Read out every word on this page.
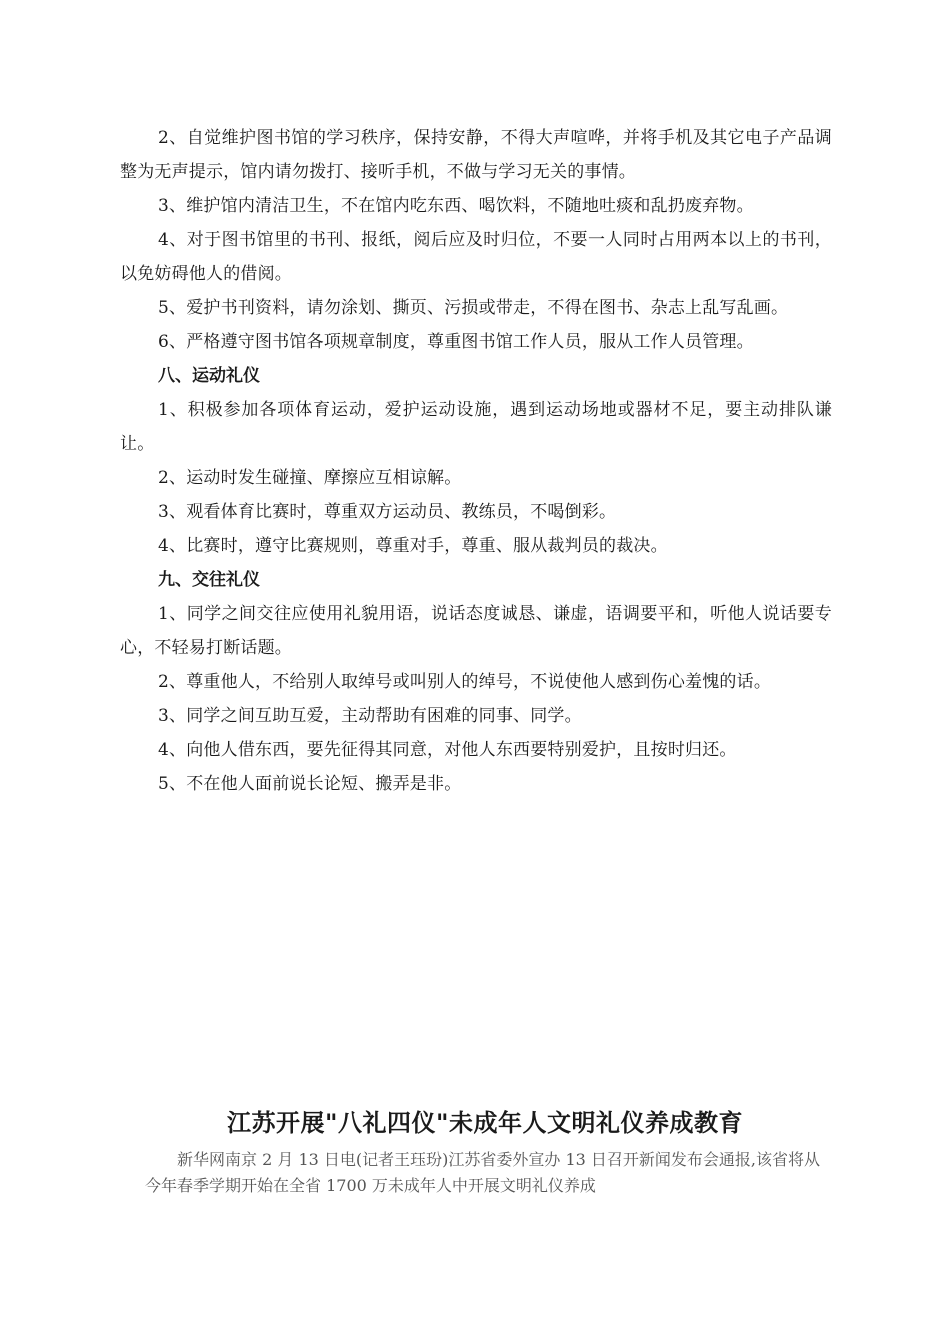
2、自觉维护图书馆的学习秩序，保持安静，不得大声喧哗，并将手机及其它电子产品调整为无声提示，馆内请勿拨打、接听手机，不做与学习无关的事情。

3、维护馆内清洁卫生，不在馆内吃东西、喝饮料，不随地吐痰和乱扔废弃物。

4、对于图书馆里的书刊、报纸，阅后应及时归位，不要一人同时占用两本以上的书刊，以免妨碍他人的借阅。

5、爱护书刊资料，请勿涂划、撕页、污损或带走，不得在图书、杂志上乱写乱画。

6、严格遵守图书馆各项规章制度，尊重图书馆工作人员，服从工作人员管理。

八、运动礼仪

1、积极参加各项体育运动，爱护运动设施，遇到运动场地或器材不足，要主动排队谦让。

2、运动时发生碰撞、摩擦应互相谅解。

3、观看体育比赛时，尊重双方运动员、教练员，不喝倒彩。

4、比赛时，遵守比赛规则，尊重对手，尊重、服从裁判员的裁决。

九、交往礼仪

1、同学之间交往应使用礼貌用语，说话态度诚恳、谦虚，语调要平和，听他人说话要专心，不轻易打断话题。

2、尊重他人，不给别人取绰号或叫别人的绰号，不说使他人感到伤心羞愧的话。

3、同学之间互助互爱，主动帮助有困难的同事、同学。

4、向他人借东西，要先征得其同意，对他人东西要特别爱护，且按时归还。

5、不在他人面前说长论短、搬弄是非。

江苏开展"八礼四仪"未成年人文明礼仪养成教育

新华网南京 2 月 13 日电(记者王珏玢)江苏省委外宣办 13 日召开新闻发布会通报,该省将从今年春季学期开始在全省 1700 万未成年人中开展文明礼仪养成
